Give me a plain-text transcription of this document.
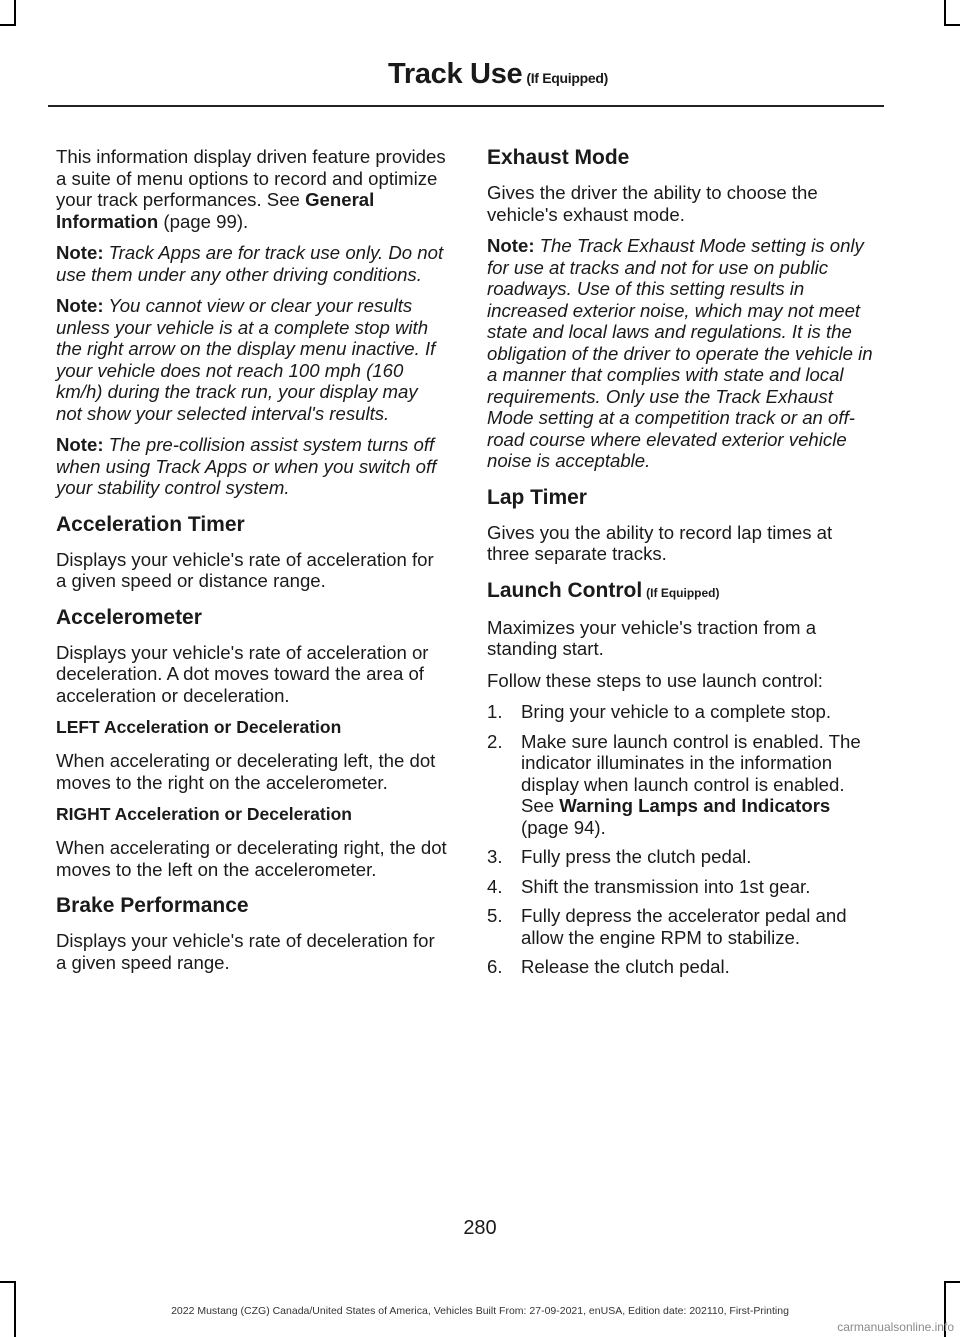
Track Use (If Equipped)

This information display driven feature provides a suite of menu options to record and optimize your track performances. See General Information (page 99).

Note: Track Apps are for track use only. Do not use them under any other driving conditions.

Note: You cannot view or clear your results unless your vehicle is at a complete stop with the right arrow on the display menu inactive. If your vehicle does not reach 100 mph (160 km/h) during the track run, your display may not show your selected interval's results.

Note: The pre-collision assist system turns off when using Track Apps or when you switch off your stability control system.

Acceleration Timer

Displays your vehicle's rate of acceleration for a given speed or distance range.

Accelerometer

Displays your vehicle's rate of acceleration or deceleration. A dot moves toward the area of acceleration or deceleration.

LEFT Acceleration or Deceleration

When accelerating or decelerating left, the dot moves to the right on the accelerometer.

RIGHT Acceleration or Deceleration

When accelerating or decelerating right, the dot moves to the left on the accelerometer.

Brake Performance

Displays your vehicle's rate of deceleration for a given speed range.

Exhaust Mode

Gives the driver the ability to choose the vehicle's exhaust mode.

Note: The Track Exhaust Mode setting is only for use at tracks and not for use on public roadways. Use of this setting results in increased exterior noise, which may not meet state and local laws and regulations. It is the obligation of the driver to operate the vehicle in a manner that complies with state and local requirements. Only use the Track Exhaust Mode setting at a competition track or an off-road course where elevated exterior vehicle noise is acceptable.

Lap Timer

Gives you the ability to record lap times at three separate tracks.

Launch Control (If Equipped)

Maximizes your vehicle's traction from a standing start.

Follow these steps to use launch control:

1. Bring your vehicle to a complete stop.
2. Make sure launch control is enabled. The indicator illuminates in the information display when launch control is enabled. See Warning Lamps and Indicators (page 94).
3. Fully press the clutch pedal.
4. Shift the transmission into 1st gear.
5. Fully depress the accelerator pedal and allow the engine RPM to stabilize.
6. Release the clutch pedal.
280
2022 Mustang (CZG) Canada/United States of America, Vehicles Built From: 27-09-2021, enUSA, Edition date: 202110, First-Printing
carmanualsonline.info
